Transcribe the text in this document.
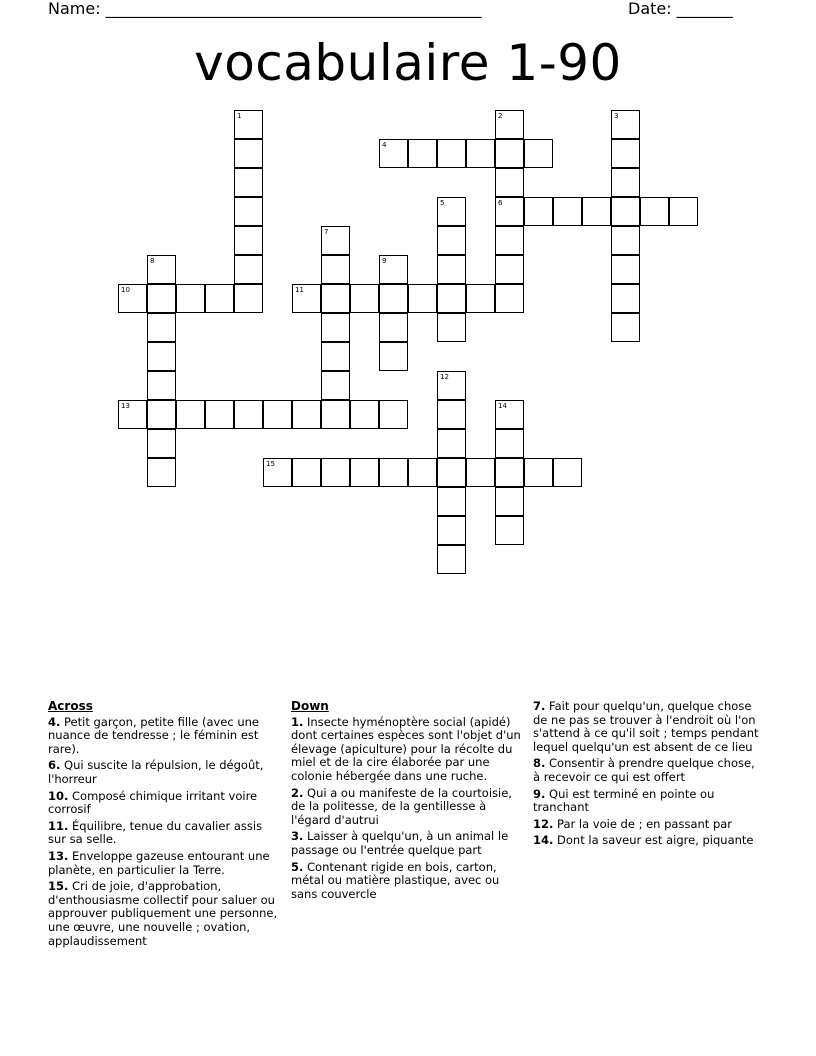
Name: _______________________________________________	Date: _______
vocabulaire 1-90
1	2
6
3
4
5
7
8	9
10	11
12
13	14
15
Across
4. Petit garçon, petite fille (avec une nuance de tendresse ; le féminin est rare).
6. Qui suscite la répulsion, le dégoût, l'horreur
10. Composé chimique irritant voire corrosif
11. Équilibre, tenue du cavalier assis sur sa selle.
13. Enveloppe gazeuse entourant une planète, en particulier la Terre.
15. Cri de joie, d'approbation, d'enthousiasme collectif pour saluer ou approuver publiquement une personne, une œuvre, une nouvelle ; ovation, applaudissement
Down
1. Insecte hyménoptère social (apidé) dont certaines espèces sont l'objet d'un élevage (apiculture) pour la récolte du miel et de la cire élaborée par une colonie hébergée dans une ruche.
2. Qui a ou manifeste de la courtoisie, de la politesse, de la gentillesse à l'égard d'autrui
3. Laisser à quelqu'un, à un animal le passage ou l'entrée quelque part
5. Contenant rigide en bois, carton, métal ou matière plastique, avec ou sans couvercle
7. Fait pour quelqu'un, quelque chose de ne pas se trouver à l'endroit où l'on s'attend à ce qu'il soit ; temps pendant lequel quelqu'un est absent de ce lieu
8. Consentir à prendre quelque chose, à recevoir ce qui est offert
9. Qui est terminé en pointe ou tranchant
12. Par la voie de ; en passant par
14. Dont la saveur est aigre, piquante
